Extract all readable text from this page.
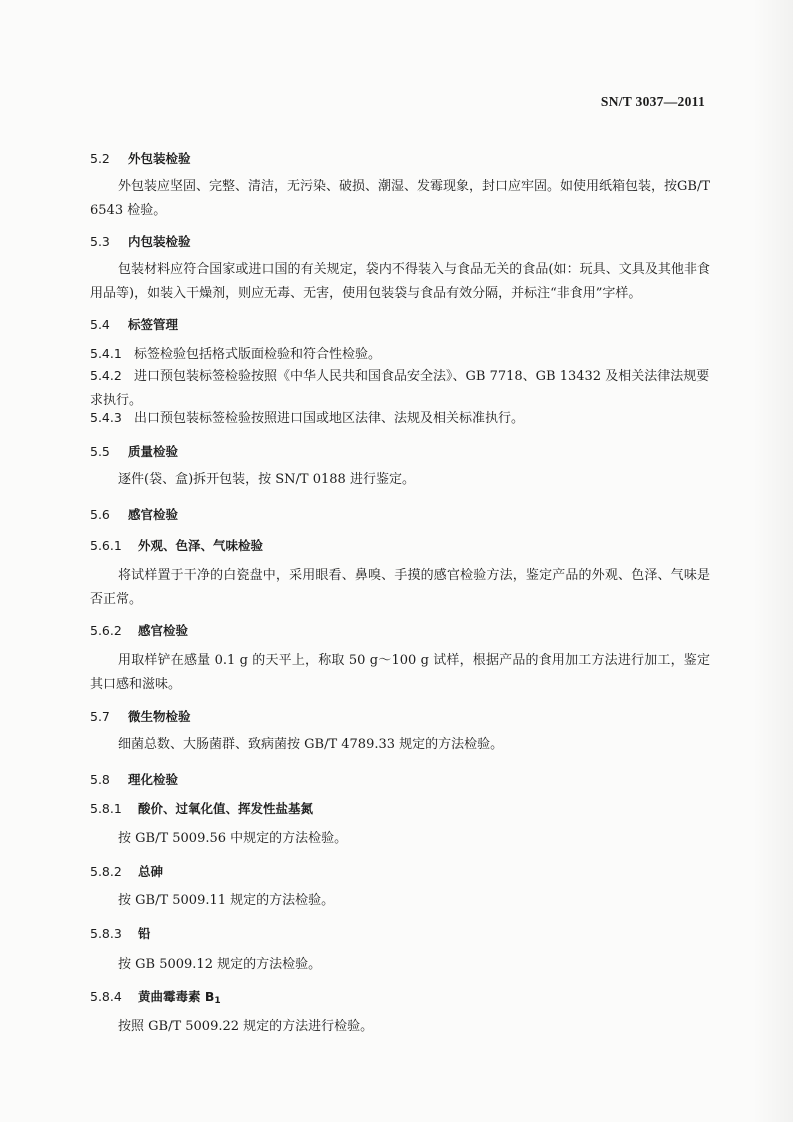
SN/T 3037—2011
5.2 外包装检验
外包装应坚固、完整、清洁，无污染、破损、潮湿、发霉现象，封口应牢固。如使用纸箱包装，按GB/T 6543 检验。
5.3 内包装检验
包装材料应符合国家或进口国的有关规定，袋内不得装入与食品无关的食品(如：玩具、文具及其他非食用品等)，如装入干燥剂，则应无毒、无害，使用包装袋与食品有效分隔，并标注“非食用”字样。
5.4 标签管理
5.4.1 标签检验包括格式版面检验和符合性检验。
5.4.2 进口预包装标签检验按照《中华人民共和国食品安全法》、GB 7718、GB 13432 及相关法律法规要求执行。
5.4.3 出口预包装标签检验按照进口国或地区法律、法规及相关标准执行。
5.5 质量检验
逐件(袋、盒)拆开包装，按 SN/T 0188 进行鉴定。
5.6 感官检验
5.6.1 外观、色泽、气味检验
将试样置于干净的白瓷盘中，采用眼看、鼻嗅、手摸的感官检验方法，鉴定产品的外观、色泽、气味是否正常。
5.6.2 感官检验
用取样铲在感量 0.1 g 的天平上，称取 50 g～100 g 试样，根据产品的食用加工方法进行加工，鉴定其口感和滋味。
5.7 微生物检验
细菌总数、大肠菌群、致病菌按 GB/T 4789.33 规定的方法检验。
5.8 理化检验
5.8.1 酸价、过氧化值、挥发性盐基氮
按 GB/T 5009.56 中规定的方法检验。
5.8.2 总砷
按 GB/T 5009.11 规定的方法检验。
5.8.3 铅
按 GB 5009.12 规定的方法检验。
5.8.4 黄曲霉毒素 $B_1$
按照 GB/T 5009.22 规定的方法进行检验。
